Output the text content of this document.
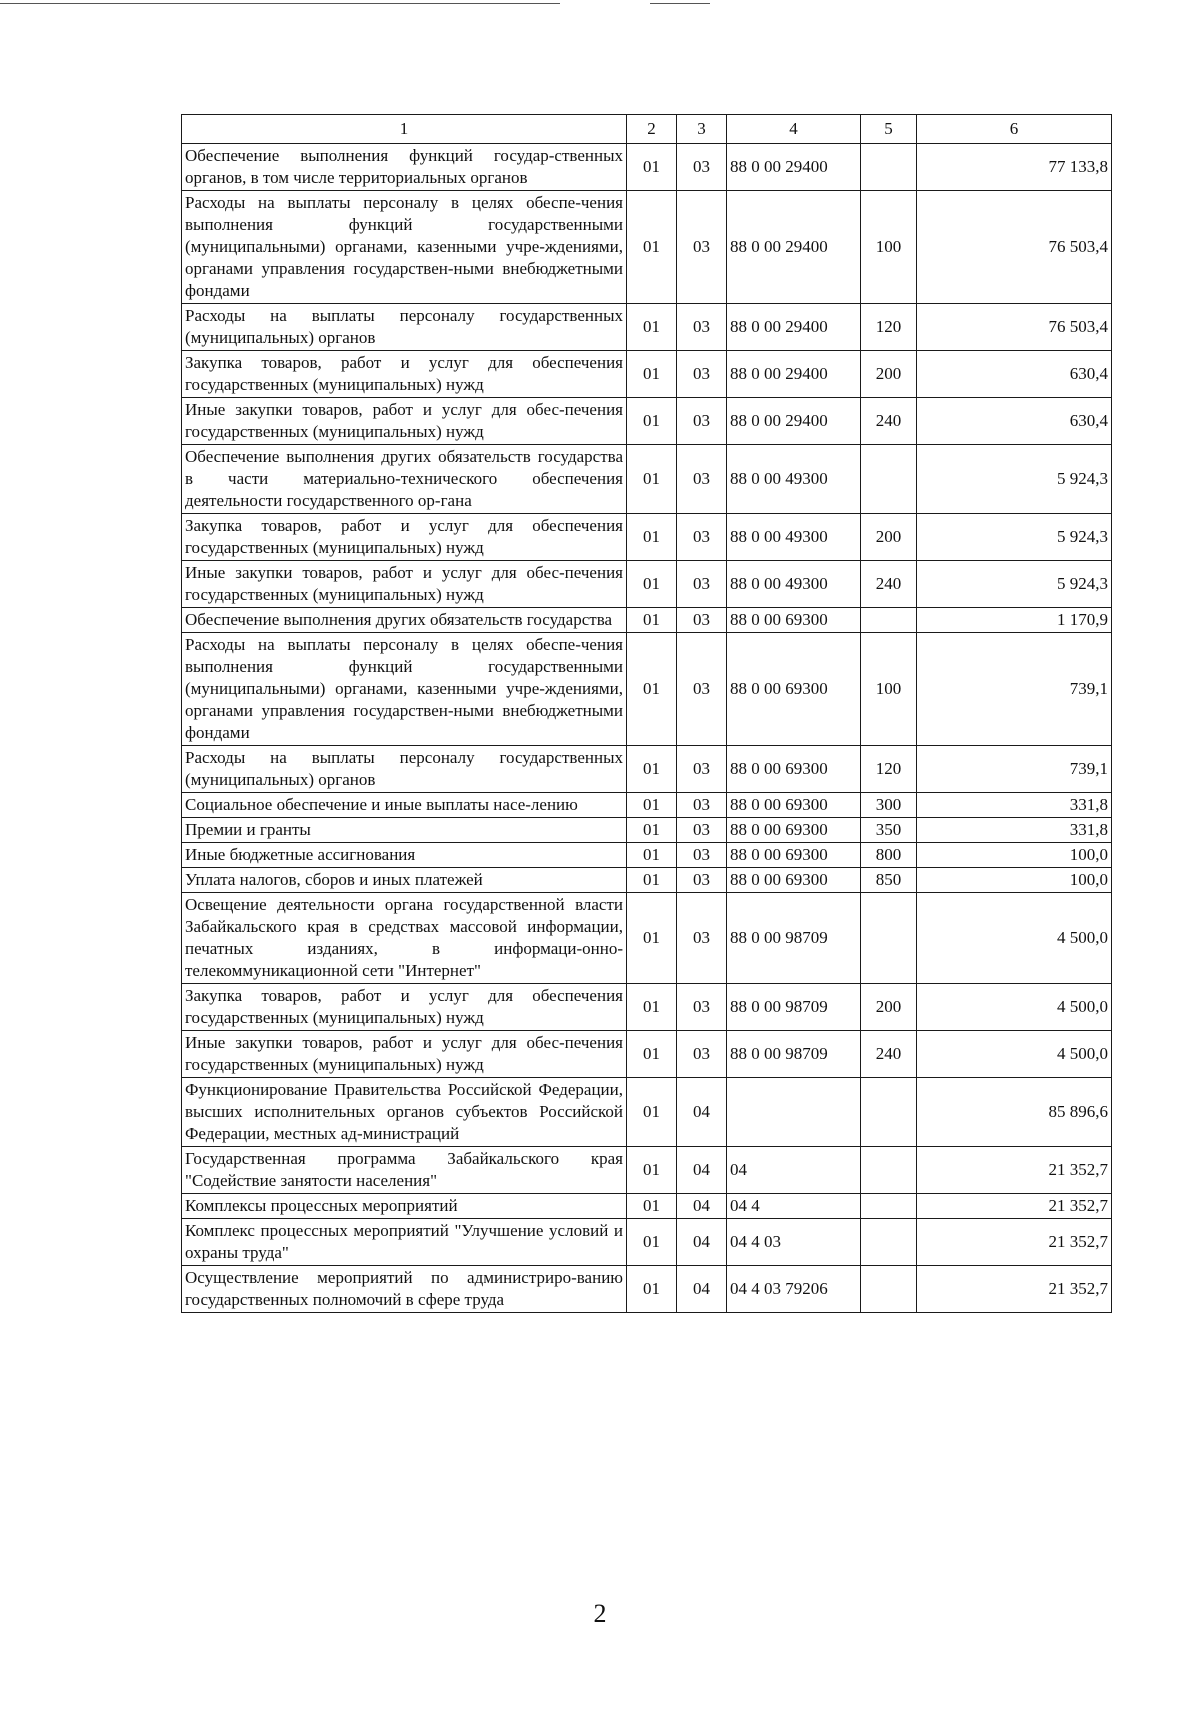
1	2	3	4	5	6
Обеспечение выполнения функций государ-ственных органов, в том числе территориальных органов	01	03	88 0 00 29400		77 133,8
Расходы на выплаты персоналу в целях обеспе-чения выполнения функций государственными (муниципальными) органами, казенными учре-ждениями, органами управления государствен-ными внебюджетными фондами	01	03	88 0 00 29400	100	76 503,4
Расходы на выплаты персоналу государственных (муниципальных) органов	01	03	88 0 00 29400	120	76 503,4
Закупка товаров, работ и услуг для обеспечения государственных (муниципальных) нужд	01	03	88 0 00 29400	200	630,4
Иные закупки товаров, работ и услуг для обес-печения государственных (муниципальных) нужд	01	03	88 0 00 29400	240	630,4
Обеспечение выполнения других обязательств государства в части материально-технического обеспечения деятельности государственного ор-гана	01	03	88 0 00 49300		5 924,3
Закупка товаров, работ и услуг для обеспечения государственных (муниципальных) нужд	01	03	88 0 00 49300	200	5 924,3
Иные закупки товаров, работ и услуг для обес-печения государственных (муниципальных) нужд	01	03	88 0 00 49300	240	5 924,3
Обеспечение выполнения других обязательств государства	01	03	88 0 00 69300		1 170,9
Расходы на выплаты персоналу в целях обеспе-чения выполнения функций государственными (муниципальными) органами, казенными учре-ждениями, органами управления государствен-ными внебюджетными фондами	01	03	88 0 00 69300	100	739,1
Расходы на выплаты персоналу государственных (муниципальных) органов	01	03	88 0 00 69300	120	739,1
Социальное обеспечение и иные выплаты насе-лению	01	03	88 0 00 69300	300	331,8
Премии и гранты	01	03	88 0 00 69300	350	331,8
Иные бюджетные ассигнования	01	03	88 0 00 69300	800	100,0
Уплата налогов, сборов и иных платежей	01	03	88 0 00 69300	850	100,0
Освещение деятельности органа государственной власти Забайкальского края в средствах массовой информации, печатных изданиях, в информаци-онно-телекоммуникационной сети "Интернет"	01	03	88 0 00 98709		4 500,0
Закупка товаров, работ и услуг для обеспечения государственных (муниципальных) нужд	01	03	88 0 00 98709	200	4 500,0
Иные закупки товаров, работ и услуг для обес-печения государственных (муниципальных) нужд	01	03	88 0 00 98709	240	4 500,0
Функционирование Правительства Российской Федерации, высших исполнительных органов субъектов Российской Федерации, местных ад-министраций	01	04			85 896,6
Государственная программа Забайкальского края "Содействие занятости населения"	01	04	04		21 352,7
Комплексы процессных мероприятий	01	04	04 4		21 352,7
Комплекс процессных мероприятий "Улучшение условий и охраны труда"	01	04	04 4 03		21 352,7
Осуществление мероприятий по администриро-ванию государственных полномочий в сфере труда	01	04	04 4 03 79206		21 352,7
2
